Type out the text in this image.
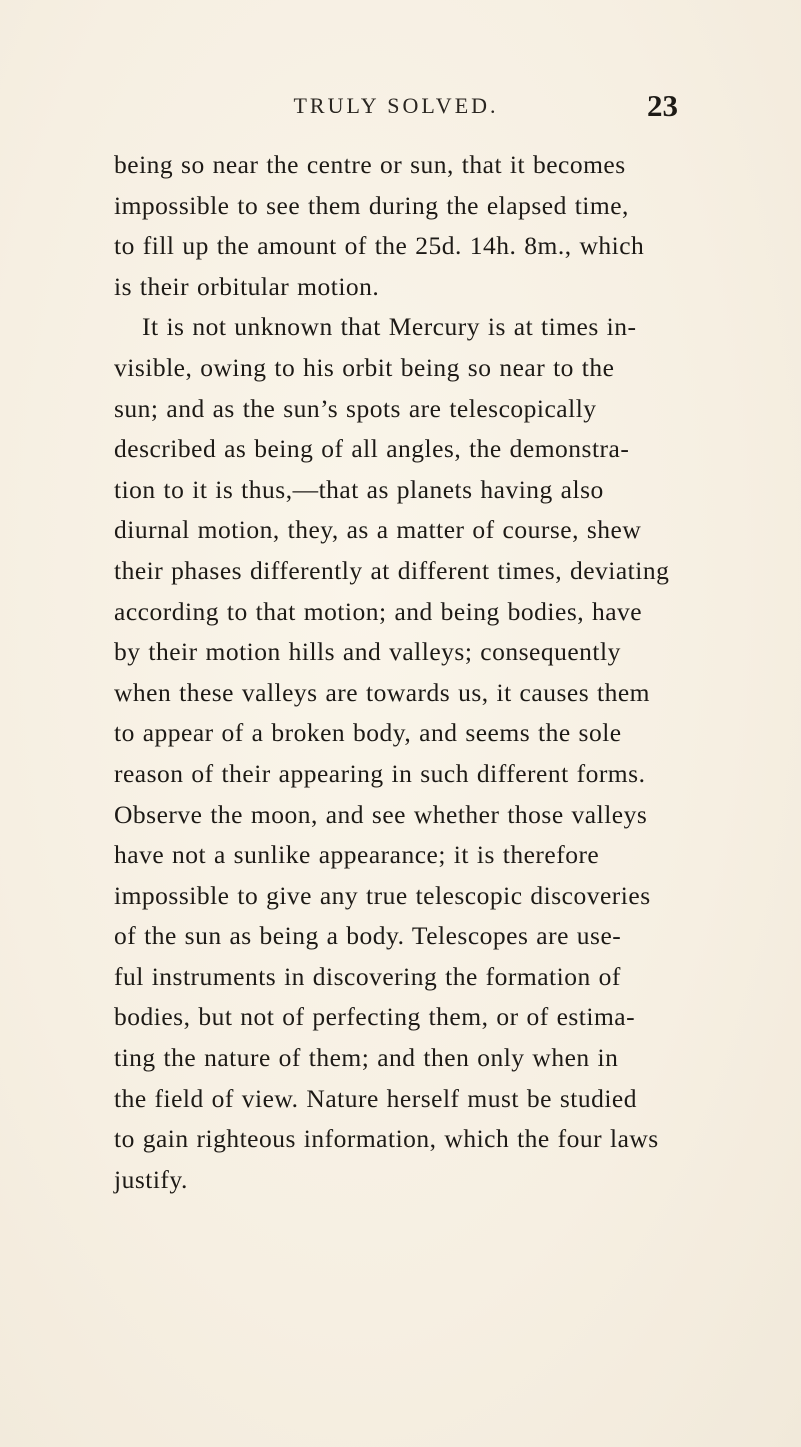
TRULY SOLVED.	23
being so near the centre or sun, that it becomes
impossible to see them during the elapsed time,
to fill up the amount of the 25d. 14h. 8m., which
is their orbitular motion.
It is not unknown that Mercury is at times in-
visible, owing to his orbit being so near to the
sun; and as the sun’s spots are telescopically
described as being of all angles, the demonstra-
tion to it is thus,—that as planets having also
diurnal motion, they, as a matter of course, shew
their phases differently at different times, deviating
according to that motion; and being bodies, have
by their motion hills and valleys; consequently
when these valleys are towards us, it causes them
to appear of a broken body, and seems the sole
reason of their appearing in such different forms.
Observe the moon, and see whether those valleys
have not a sunlike appearance; it is therefore
impossible to give any true telescopic discoveries
of the sun as being a body. Telescopes are use-
ful instruments in discovering the formation of
bodies, but not of perfecting them, or of estima-
ting the nature of them; and then only when in
the field of view. Nature herself must be studied
to gain righteous information, which the four laws
justify.
